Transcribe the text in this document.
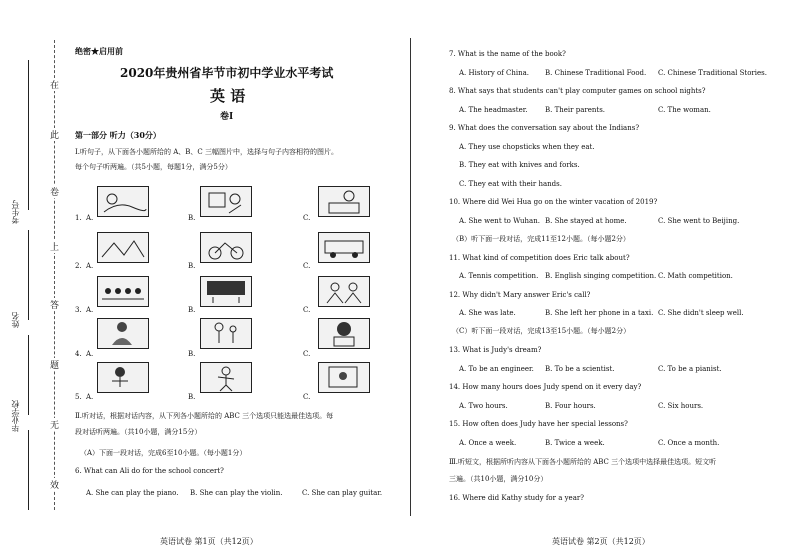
考生号
姓名
毕业学校
在
此
卷
上
答
题
无
效
绝密★启用前
2020年贵州省毕节市初中学业水平考试
英 语
卷Ⅰ
第一部分 听力（30分）
Ⅰ.听句子，从下面各小题所给的 A、B、C 三幅图片中，选择与句子内容相符的图片。
每个句子听两遍。（共5小题，每题1分，满分5分）
1. A.	B.	C.
2. A.	B.	C.
3. A.	B.	C.
4. A.	B.	C.
5. A.	B.	C.
Ⅱ.听对话，根据对话内容，从下列各小题所给的 ABC 三个选项只能选最佳选项。每
段对话听两遍。（共10小题，满分15分）
（A）下面一段对话，完成6至10小题。（每小题1分）
6. What can Ali do for the school concert?
A. She can play the piano. B. She can play the violin.	C. She can play guitar.
英语试卷 第1页（共12页）
7. What is the name of the book?
A. History of China. B. Chinese Traditional Food. C. Chinese Traditional Stories.
8. What says that students can't play computer games on school nights?
A. The headmaster. B. Their parents.	C. The woman.
9. What does the conversation say about the Indians?
A. They use chopsticks when they eat.
B. They eat with knives and forks.
C. They eat with their hands.
10. Where did Wei Hua go on the winter vacation of 2019?
A. She went to Wuhan. B. She stayed at home.	C. She went to Beijing.
（B）听下面一段对话，完成11至12小题。（每小题2分）
11. What kind of competition does Eric talk about?
A. Tennis competition. B. English singing competition. C. Math competition.
12. Why didn't Mary answer Eric's call?
A. She was late.	B. She left her phone in a taxi. C. She didn't sleep well.
（C）听下面一段对话，完成13至15小题。（每小题2分）
13. What is Judy's dream?
A. To be an engineer. B. To be a scientist.	C. To be a pianist.
14. How many hours does Judy spend on it every day?
A. Two hours.	B. Four hours.	C. Six hours.
15. How often does Judy have her special lessons?
A. Once a week.	B. Twice a week.	C. Once a month.
Ⅲ.听短文，根据所听内容从下面各小题所给的 ABC 三个选项中选择最佳选项。短文听
三遍。（共10小题，满分10分）
16. Where did Kathy study for a year?
英语试卷 第2页（共12页）
